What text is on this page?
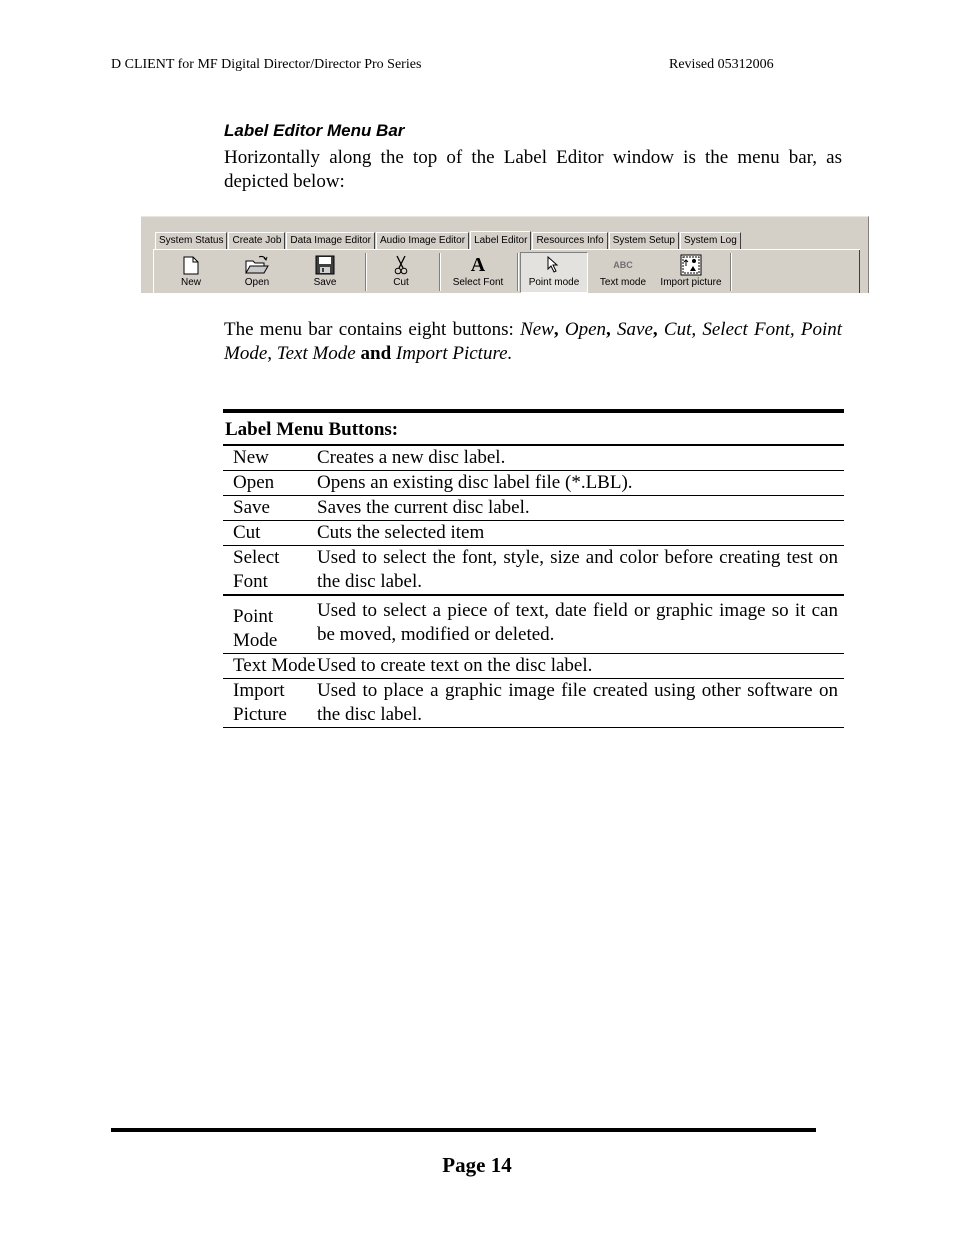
D CLIENT for MF Digital Director/Director Pro Series	Revised 05312006
Label Editor Menu Bar

Horizontally along the top of the Label Editor window is the menu bar, as depicted below:

System Status Create Job Data Image Editor Audio Image Editor Label Editor Resources Info System Setup System Log
New	Open	Save	Cut
A
Select Font	Point mode
ABC
Text mode Import picture

The menu bar contains eight buttons: New, Open, Save, Cut, Select Font, Point Mode, Text Mode and Import Picture.

Label Menu Buttons:	
New	Creates a new disc label.
Open	Opens an existing disc label file (*.LBL).
Save	Saves the current disc label.
Cut	Cuts the selected item
Select Font	Used to select the font, style, size and color before creating test on the disc label.
Point Mode	Used to select a piece of text, date field or graphic image so it can be moved, modified or deleted.
Text Mode	Used to create text on the disc label.
Import Picture	Used to place a graphic image file created using other software on the disc label.
Page 14
